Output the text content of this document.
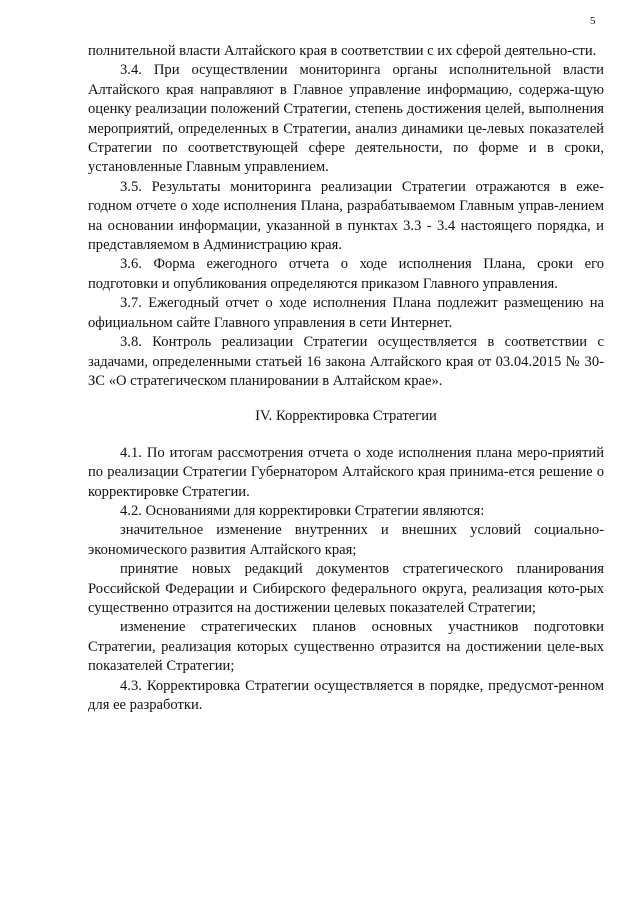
5

полнительной власти Алтайского края в соответствии с их сферой деятельно-сти.

3.4. При осуществлении мониторинга органы исполнительной власти Алтайского края направляют в Главное управление информацию, содержа-щую оценку реализации положений Стратегии, степень достижения целей, выполнения мероприятий, определенных в Стратегии, анализ динамики це-левых показателей Стратегии по соответствующей сфере деятельности, по форме и в сроки, установленные Главным управлением.

3.5. Результаты мониторинга реализации Стратегии отражаются в еже-годном отчете о ходе исполнения Плана, разрабатываемом Главным управ-лением на основании информации, указанной в пунктах 3.3 - 3.4 настоящего порядка, и представляемом в Администрацию края.

3.6. Форма ежегодного отчета о ходе исполнения Плана, сроки его подготовки и опубликования определяются приказом Главного управления.

3.7. Ежегодный отчет о ходе исполнения Плана подлежит размещению на официальном сайте Главного управления в сети Интернет.

3.8. Контроль реализации Стратегии осуществляется в соответствии с задачами, определенными статьей 16 закона Алтайского края от 03.04.2015 № 30-ЗС «О стратегическом планировании в Алтайском крае».

IV. Корректировка Стратегии

4.1. По итогам рассмотрения отчета о ходе исполнения плана меро-приятий по реализации Стратегии Губернатором Алтайского края принима-ется решение о корректировке Стратегии.

4.2. Основаниями для корректировки Стратегии являются:

значительное изменение внутренних и внешних условий социально-экономического развития Алтайского края;

принятие новых редакций документов стратегического планирования Российской Федерации и Сибирского федерального округа, реализация кото-рых существенно отразится на достижении целевых показателей Стратегии;

изменение стратегических планов основных участников подготовки Стратегии, реализация которых существенно отразится на достижении целе-вых показателей Стратегии;

4.3. Корректировка Стратегии осуществляется в порядке, предусмот-ренном для ее разработки.
